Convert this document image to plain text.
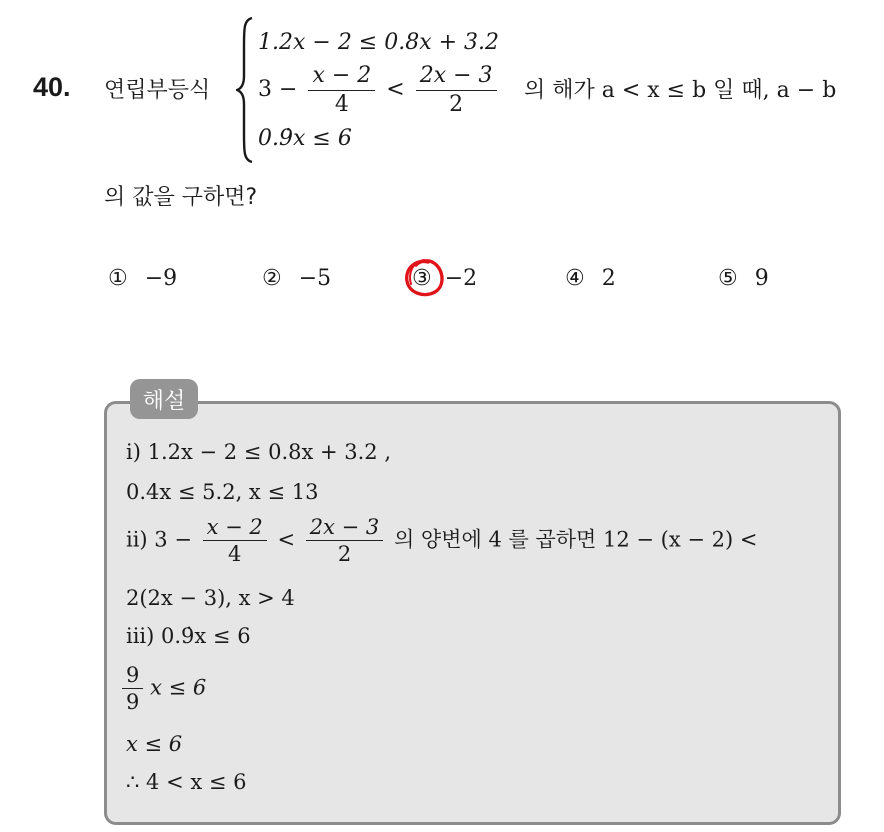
40. 연립부등식
1.2x − 2 ≤ 0.8x + 3.2
$3 - \frac{x - 2}{4} < \frac{2x - 3}{2}$
0.9̇x ≤ 6
의 해가 a < x ≤ b 일 때, a − b
의 값을 구하면?
① −9	② −5	③ −2	④ 2	⑤ 9
해설
i) 1.2x − 2 ≤ 0.8x + 3.2 ,
0.4x ≤ 5.2, x ≤ 13
ii) $3 - \frac{x - 2}{4} < \frac{2x - 3}{2}$ 의 양변에 4 를 곱하면 12 − (x − 2) <
2(2x − 3), x > 4
iii) 0.9̇x ≤ 6
$\frac{9}{9}$ x ≤ 6
x ≤ 6
∴ 4 < x ≤ 6
